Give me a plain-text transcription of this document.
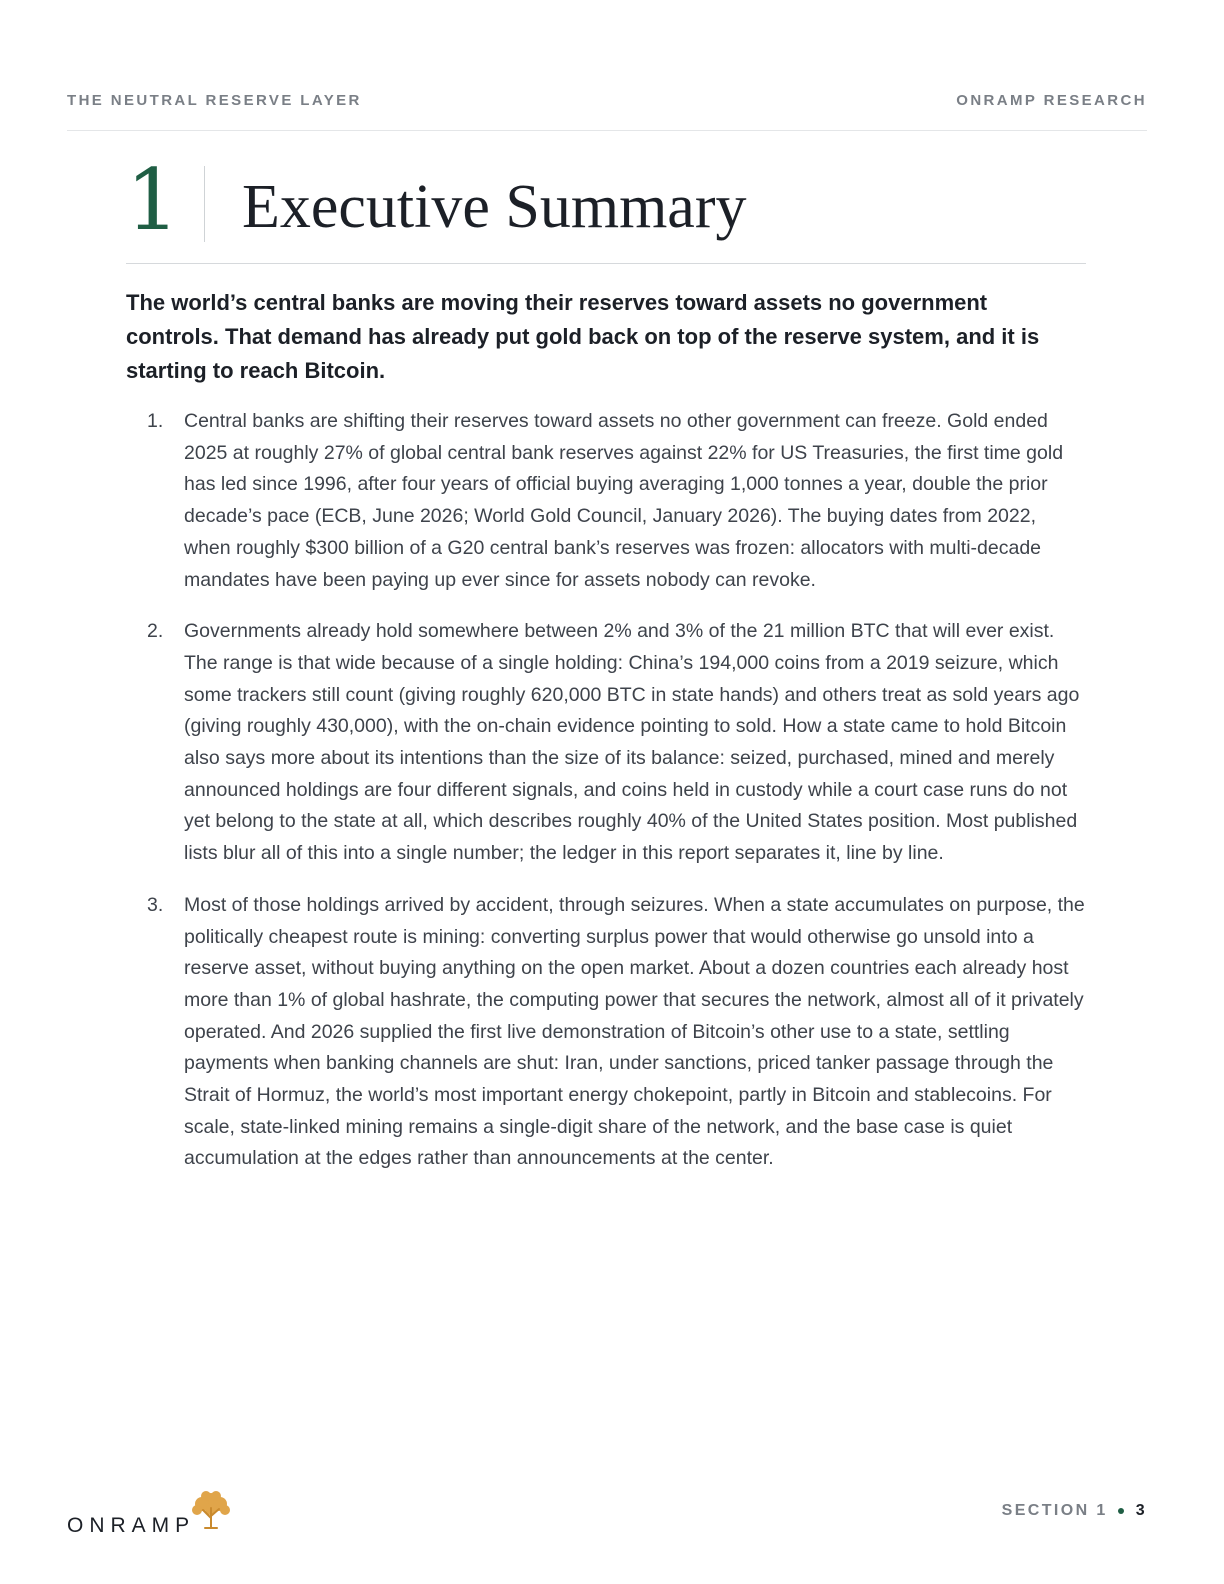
THE NEUTRAL RESERVE LAYER	ONRAMP RESEARCH
1 Executive Summary

The world’s central banks are moving their reserves toward assets no government controls. That demand has already put gold back on top of the reserve system, and it is starting to reach Bitcoin.

1. Central banks are shifting their reserves toward assets no other government can freeze. Gold ended 2025 at roughly 27% of global central bank reserves against 22% for US Treasuries, the first time gold has led since 1996, after four years of official buying averaging 1,000 tonnes a year, double the prior decade’s pace (ECB, June 2026; World Gold Council, January 2026). The buying dates from 2022, when roughly $300 billion of a G20 central bank’s reserves was frozen: allocators with multi-decade mandates have been paying up ever since for assets nobody can revoke.
2. Governments already hold somewhere between 2% and 3% of the 21 million BTC that will ever exist. The range is that wide because of a single holding: China’s 194,000 coins from a 2019 seizure, which some trackers still count (giving roughly 620,000 BTC in state hands) and others treat as sold years ago (giving roughly 430,000), with the on-chain evidence pointing to sold. How a state came to hold Bitcoin also says more about its intentions than the size of its balance: seized, purchased, mined and merely announced holdings are four different signals, and coins held in custody while a court case runs do not yet belong to the state at all, which describes roughly 40% of the United States position. Most published lists blur all of this into a single number; the ledger in this report separates it, line by line.
3. Most of those holdings arrived by accident, through seizures. When a state accumulates on purpose, the politically cheapest route is mining: converting surplus power that would otherwise go unsold into a reserve asset, without buying anything on the open market. About a dozen countries each already host more than 1% of global hashrate, the computing power that secures the network, almost all of it privately operated. And 2026 supplied the first live demonstration of Bitcoin’s other use to a state, settling payments when banking channels are shut: Iran, under sanctions, priced tanker passage through the Strait of Hormuz, the world’s most important energy chokepoint, partly in Bitcoin and stablecoins. For scale, state-linked mining remains a single-digit share of the network, and the base case is quiet accumulation at the edges rather than announcements at the center.
ONRAMP
SECTION 1 3
